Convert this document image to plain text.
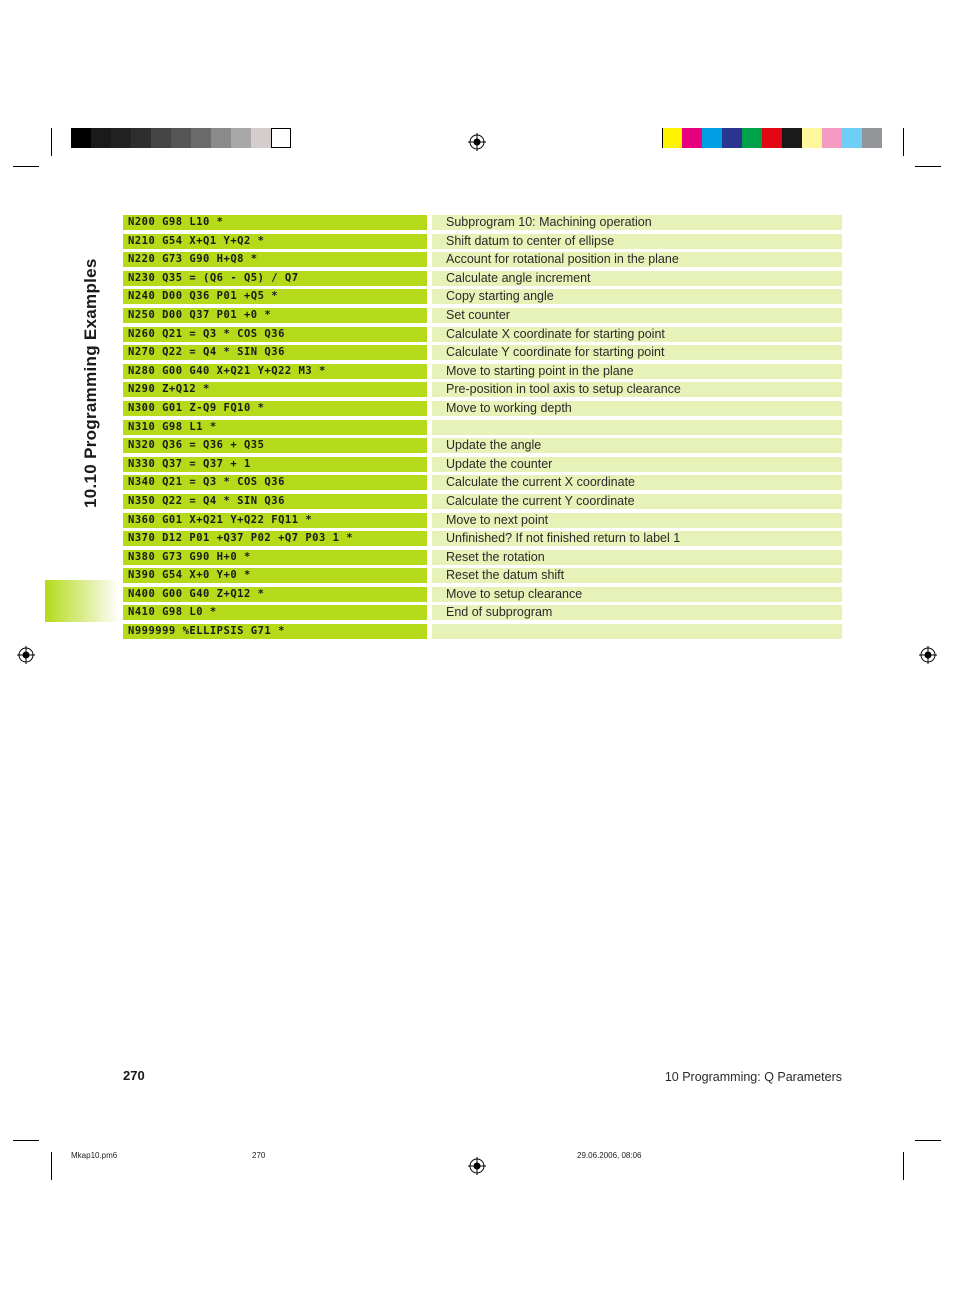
10.10 Programming Examples
N200 G98 L10 *	Subprogram 10: Machining operation
N210 G54 X+Q1 Y+Q2 *	Shift datum to center of ellipse
N220 G73 G90 H+Q8 *	Account for rotational position in the plane
N230 Q35 = (Q6 - Q5) / Q7	Calculate angle increment
N240 D00 Q36 P01 +Q5 *	Copy starting angle
N250 D00 Q37 P01 +0 *	Set counter
N260 Q21 = Q3 * COS Q36	Calculate X coordinate for starting point
N270 Q22 = Q4 * SIN Q36	Calculate Y coordinate for starting point
N280 G00 G40 X+Q21 Y+Q22 M3 *	Move to starting point in the plane
N290 Z+Q12 *	Pre-position in tool axis to setup clearance
N300 G01 Z-Q9 FQ10 *	Move to working depth
N310 G98 L1 *
N320 Q36 = Q36 + Q35	Update the angle
N330 Q37 = Q37 + 1	Update the counter
N340 Q21 = Q3 * COS Q36	Calculate the current X coordinate
N350 Q22 = Q4 * SIN Q36	Calculate the current Y coordinate
N360 G01 X+Q21 Y+Q22 FQ11 *	Move to next point
N370 D12 P01 +Q37 P02 +Q7 P03 1 *	Unfinished? If not finished return to label 1
N380 G73 G90 H+0 *	Reset the rotation
N390 G54 X+0 Y+0 *	Reset the datum shift
N400 G00 G40 Z+Q12 *	Move to setup clearance
N410 G98 L0 *	End of subprogram
N999999 %ELLIPSIS G71 *
270	10 Programming: Q Parameters
Mkap10.pm6	270	29.06.2006, 08:06
